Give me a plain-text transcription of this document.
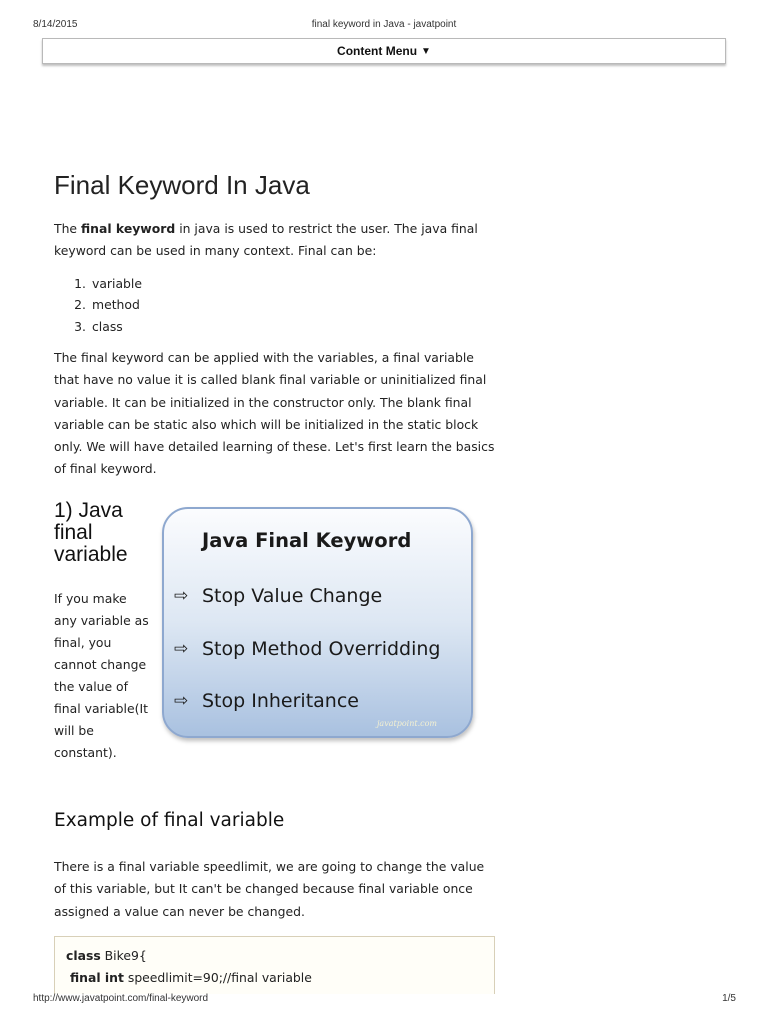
8/14/2015	final keyword in Java - javatpoint
Content Menu ▼
Final Keyword In Java

The final keyword in java is used to restrict the user. The java final keyword can be used in many context. Final can be:

1. variable
2. method
3. class

The final keyword can be applied with the variables, a final variable that have no value it is called blank final variable or uninitialized final variable. It can be initialized in the constructor only. The blank final variable can be static also which will be initialized in the static block only. We will have detailed learning of these. Let's first learn the basics of final keyword.

1) Java final variable

If you make any variable as final, you cannot change the value of final variable(It will be constant).

Java Final Keyword
⇨ Stop Value Change
⇨ Stop Method Overridding
⇨ Stop Inheritance
javatpoint.com
Example of final variable

There is a final variable speedlimit, we are going to change the value of this variable, but It can't be changed because final variable once assigned a value can never be changed.

class Bike9{
final int speedlimit=90;//final variable
http://www.javatpoint.com/final-keyword	1/5
